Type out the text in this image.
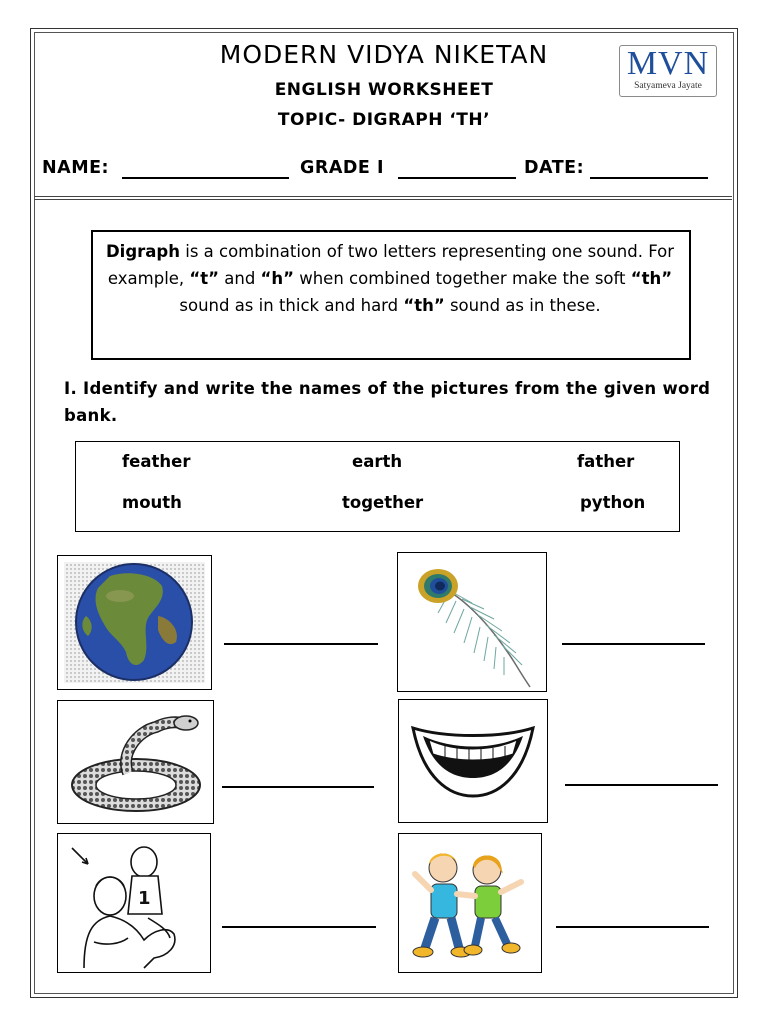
MODERN VIDYA NIKETAN
ENGLISH WORKSHEET
TOPIC- DIGRAPH ‘TH’
MVN
Satyameva Jayate
NAME:	GRADE I	DATE:
Digraph is a combination of two letters representing one sound. For example, “t” and “h” when combined together make the soft “th” sound as in thick and hard “th” sound as in these.
I. Identify and write the names of the pictures from the given word bank.
feather	earth	father
mouth	together	python
1
